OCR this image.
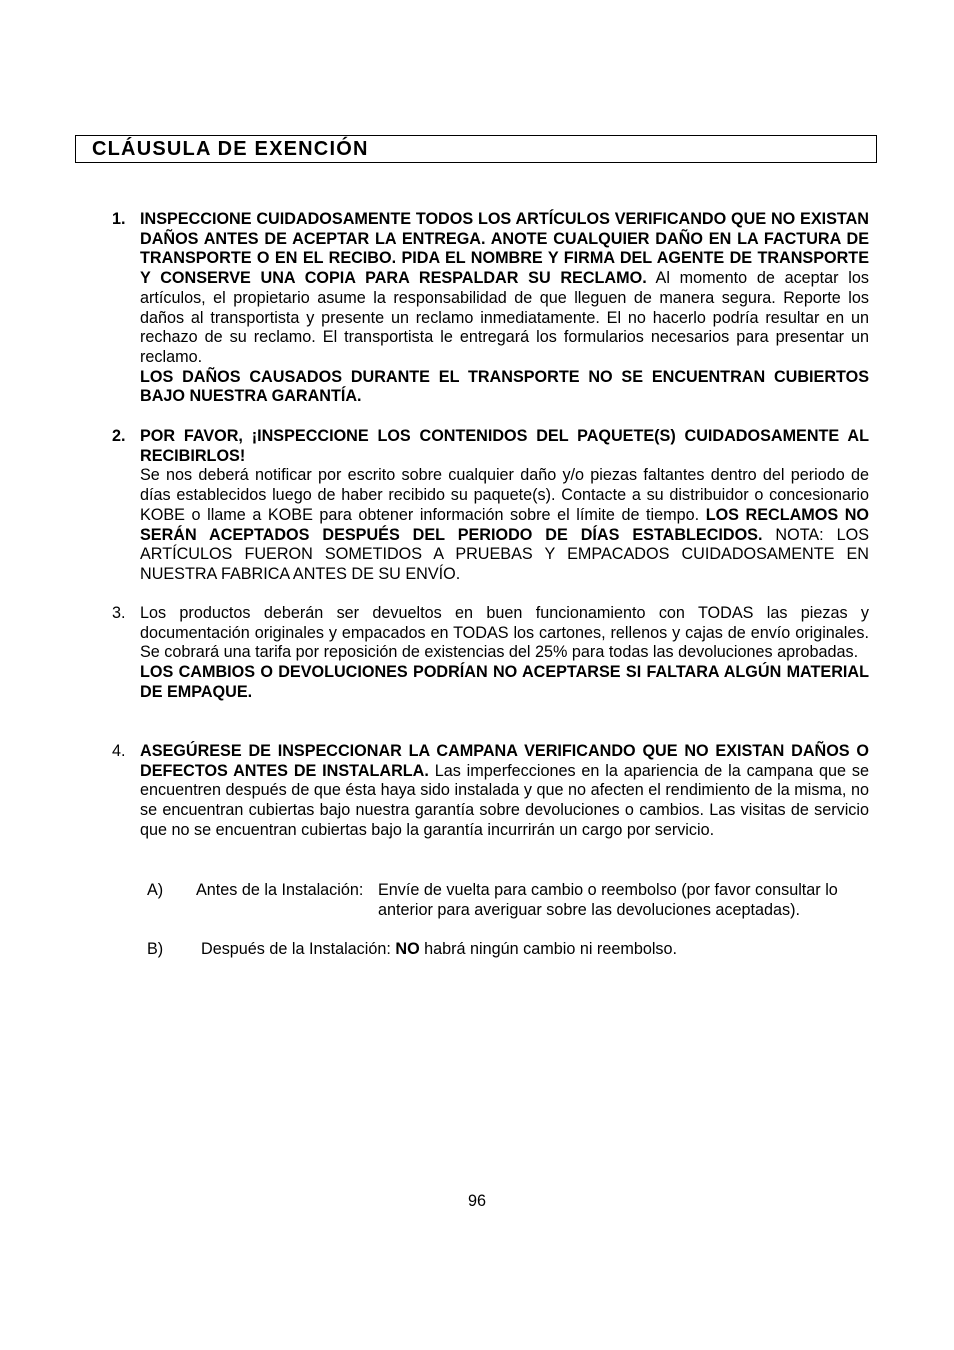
CLÁUSULA DE EXENCIÓN
1. INSPECCIONE CUIDADOSAMENTE TODOS LOS ARTÍCULOS VERIFICANDO QUE NO EXISTAN DAÑOS ANTES DE ACEPTAR LA ENTREGA. ANOTE CUALQUIER DAÑO EN LA FACTURA DE TRANSPORTE O EN EL RECIBO. PIDA EL NOMBRE Y FIRMA DEL AGENTE DE TRANSPORTE Y CONSERVE UNA COPIA PARA RESPALDAR SU RECLAMO. Al momento de aceptar los artículos, el propietario asume la responsabilidad de que lleguen de manera segura. Reporte los daños al transportista y presente un reclamo inmediatamente. El no hacerlo podría resultar en un rechazo de su reclamo. El transportista le entregará los formularios necesarios para presentar un reclamo.
LOS DAÑOS CAUSADOS DURANTE EL TRANSPORTE NO SE ENCUENTRAN CUBIERTOS BAJO NUESTRA GARANTÍA.
2. POR FAVOR, ¡INSPECCIONE LOS CONTENIDOS DEL PAQUETE(S) CUIDADOSAMENTE AL RECIBIRLOS!
Se nos deberá notificar por escrito sobre cualquier daño y/o piezas faltantes dentro del periodo de días establecidos luego de haber recibido su paquete(s). Contacte a su distribuidor o concesionario KOBE o llame a KOBE para obtener información sobre el límite de tiempo. LOS RECLAMOS NO SERÁN ACEPTADOS DESPUÉS DEL PERIODO DE DÍAS ESTABLECIDOS. NOTA: LOS ARTÍCULOS FUERON SOMETIDOS A PRUEBAS Y EMPACADOS CUIDADOSAMENTE EN NUESTRA FABRICA ANTES DE SU ENVÍO.
3. Los productos deberán ser devueltos en buen funcionamiento con TODAS las piezas y documentación originales y empacados en TODAS los cartones, rellenos y cajas de envío originales. Se cobrará una tarifa por reposición de existencias del 25% para todas las devoluciones aprobadas.
LOS CAMBIOS O DEVOLUCIONES PODRÍAN NO ACEPTARSE SI FALTARA ALGÚN MATERIAL DE EMPAQUE.
4. ASEGÚRESE DE INSPECCIONAR LA CAMPANA VERIFICANDO QUE NO EXISTAN DAÑOS O DEFECTOS ANTES DE INSTALARLA. Las imperfecciones en la apariencia de la campana que se encuentren después de que ésta haya sido instalada y que no afecten el rendimiento de la misma, no se encuentran cubiertas bajo nuestra garantía sobre devoluciones o cambios. Las visitas de servicio que no se encuentran cubiertas bajo la garantía incurrirán un cargo por servicio.
A) Antes de la Instalación: Envíe de vuelta para cambio o reembolso (por favor consultar lo
anterior para averiguar sobre las devoluciones aceptadas).
B) Después de la Instalación: NO habrá ningún cambio ni reembolso.
96
